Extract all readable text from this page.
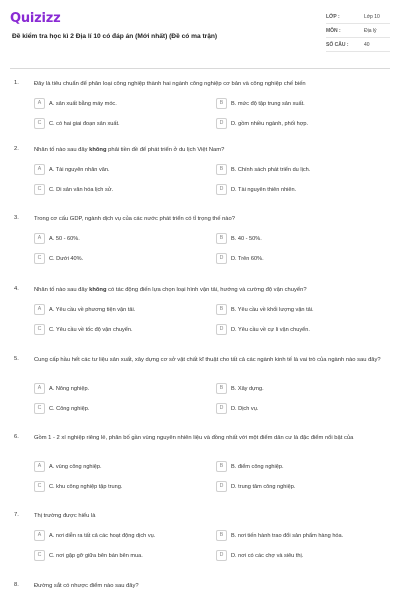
Quizizz
Đề kiểm tra học kì 2 Địa lí 10 có đáp án (Mới nhất) (Đề có ma trận)
LỚP :	Lớp 10
MÔN :	Địa lý
SỐ CÂU :	40
1.	Đây là tiêu chuẩn để phân loại công nghiệp thành hai ngành công nghiệp cơ bản và công nghiệp chế biến
A	A. sản xuất bằng máy móc.	B	B. mức độ tập trung sản xuất.
C	C. có hai giai đoạn sản xuất.	D	D. gồm nhiều ngành, phối hợp.
2.	Nhân tố nào sau đây không phải tiền đề để phát triển ở du lịch Việt Nam?
A	A. Tài nguyên nhân văn.	B	B. Chính sách phát triển du lịch.
C	C. Di sản văn hóa lịch sử.	D	D. Tài nguyên thiên nhiên.
3.	Trong cơ cấu GDP, ngành dịch vụ của các nước phát triển có tỉ trọng thế nào?
A	A. 50 - 60%.	B	B. 40 - 50%.
C	C. Dưới 40%.	D	D. Trên 60%.
4.	Nhân tố nào sau đây không có tác động điến lựa chọn loại hình vận tải, hướng và cường độ vận chuyển?
A	A. Yêu cầu về phương tiện vận tải.	B	B. Yêu cầu về khối lượng vận tải.
C	C. Yêu cầu về tốc độ vận chuyển.	D	D. Yêu cầu về cự li vận chuyển.
5.	Cung cấp hầu hết các tư liệu sản xuất, xây dựng cơ sở vật chất kĩ thuật cho tất cả các ngành kinh tế là vai trò của ngành nào sau đây?
A	A. Nông nghiệp.	B	B. Xây dựng.
C	C. Công nghiệp.	D	D. Dịch vụ.
6.	Gồm 1 - 2 xí nghiệp riêng lẻ, phân bố gần vùng nguyên nhiên liệu và đồng nhất với một điểm dân cư là đặc điểm nổi bật của
A	A. vùng công nghiệp.	B	B. điểm công nghiệp.
C	C. khu công nghiệp tập trung.	D	D. trung tâm công nghiệp.
7.	Thị trường được hiểu là
A	A. nơi diễn ra tất cả các hoạt động dịch vụ.	B	B. nơi tiến hành trao đổi sản phẩm hàng hóa.
C	C. nơi gặp gỡ giữa bên bán bên mua.	D	D. nơi có các chợ và siêu thị.
8.	Đường sắt có nhược điểm nào sau đây?
